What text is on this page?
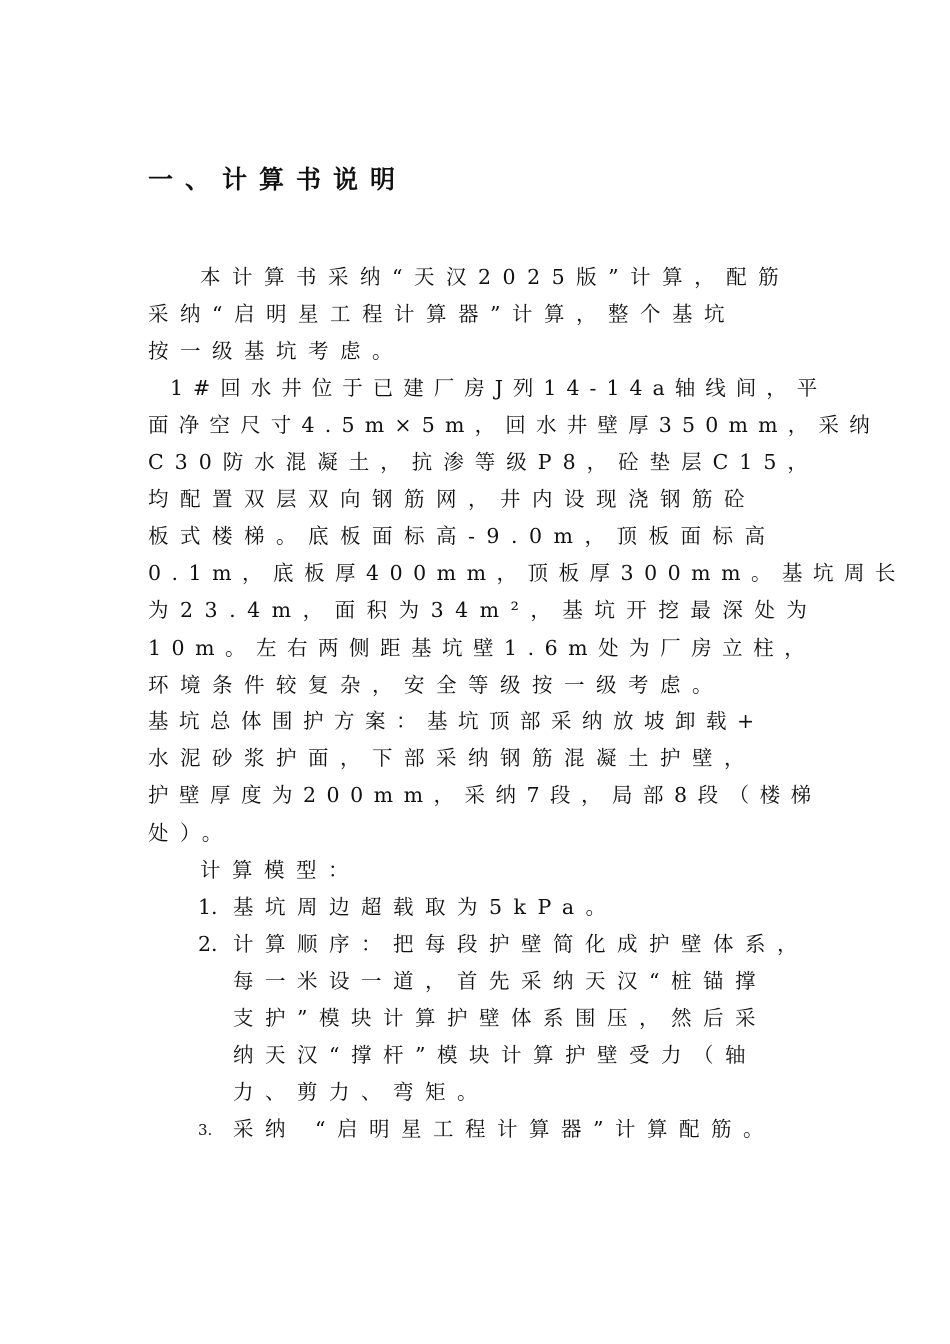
一、计算书说明
本计算书采纳“天汉2025版”计算，配筋
采纳“启明星工程计算器”计算，整个基坑
按一级基坑考虑。
1#回水井位于已建厂房J列14-14a轴线间，平
面净空尺寸4.5m×5m，回水井壁厚350mm，采纳
C30防水混凝土，抗渗等级P8，砼垫层C15，
均配置双层双向钢筋网，井内设现浇钢筋砼
板式楼梯。底板面标高-9.0m，顶板面标高
0.1m，底板厚400mm，顶板厚300mm。基坑周长
为23.4m，面积为34m²，基坑开挖最深处为
10m。左右两侧距基坑壁1.6m处为厂房立柱，
环境条件较复杂，安全等级按一级考虑。
基坑总体围护方案：基坑顶部采纳放坡卸载+
水泥砂浆护面，下部采纳钢筋混凝土护壁，
护壁厚度为200mm，采纳7段，局部8段（楼梯
处）。
计算模型：
1. 基坑周边超载取为5kPa。
2. 计算顺序：把每段护壁简化成护壁体系，
每一米设一道，首先采纳天汉“桩锚撑
支护”模块计算护壁体系围压，然后采
纳天汉“撑杆”模块计算护壁受力（轴
力、剪力、弯矩。
3. 采纳 “启明星工程计算器”计算配筋。
